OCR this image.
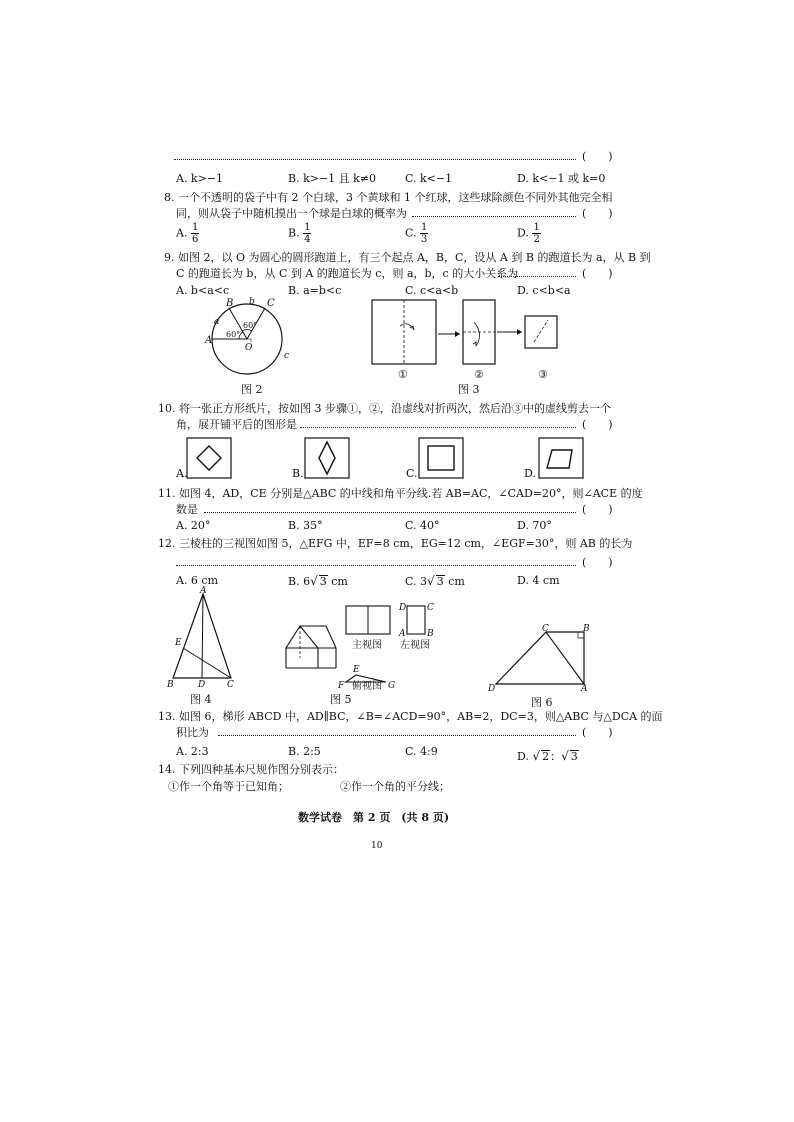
(　　)
A. k>−1	B. k>−1 且 k≠0	C. k<−1	D. k<−1 或 k=0
8. 一个不透明的袋子中有 2 个白球，3 个黄球和 1 个红球，这些球除颜色不同外其他完全相
同，则从袋子中随机摸出一个球是白球的概率为	(　　)
A. $\frac{1}{6}$	B. $\frac{1}{4}$	C. $\frac{1}{3}$	D. $\frac{1}{2}$
9. 如图 2，以 O 为圆心的圆形跑道上，有三个起点 A，B，C，设从 A 到 B 的跑道长为 a，从 B 到
C 的跑道长为 b，从 C 到 A 的跑道长为 c，则 a，b，c 的大小关系为	(　　)
A. b<a<c	B. a=b<c	C. c<a<b	D. c<b<a
B	C
A
O
b
a
c
60°
60°
图 2
①	②	③
图 3
10. 将一张正方形纸片，按如图 3 步骤①，②，沿虚线对折两次，然后沿③中的虚线剪去一个
角，展开铺平后的图形是	(　　)
A.	B.	C.	D.
11. 如图 4，AD，CE 分别是△ABC 的中线和角平分线.若 AB=AC，∠CAD=20°，则∠ACE 的度
数是	(　　)
A. 20°	B. 35°	C. 40°	D. 70°
12. 三棱柱的三视图如图 5，△EFG 中，EF=8 cm，EG=12 cm，∠EGF=30°，则 AB 的长为
(　　)
A. 6 cm	B. 6√ 3 cm	C. 3√ 3 cm	D. 4 cm
A
E
B	D C
图 4
D C
A B
E
F	G
主视图 左视图
俯视图
图 5
C	B
D	A
图 6
13. 如图 6，梯形 ABCD 中，AD∥BC，∠B=∠ACD=90°，AB=2，DC=3，则△ABC 与△DCA 的面
积比为	(　　)
A. 2:3	B. 2:5	C. 4:9	D. √ 2：√ 3
14. 下列四种基本尺规作图分别表示：
①作一个角等于已知角；	②作一个角的平分线；
数学试卷　第 2 页　(共 8 页)
10
